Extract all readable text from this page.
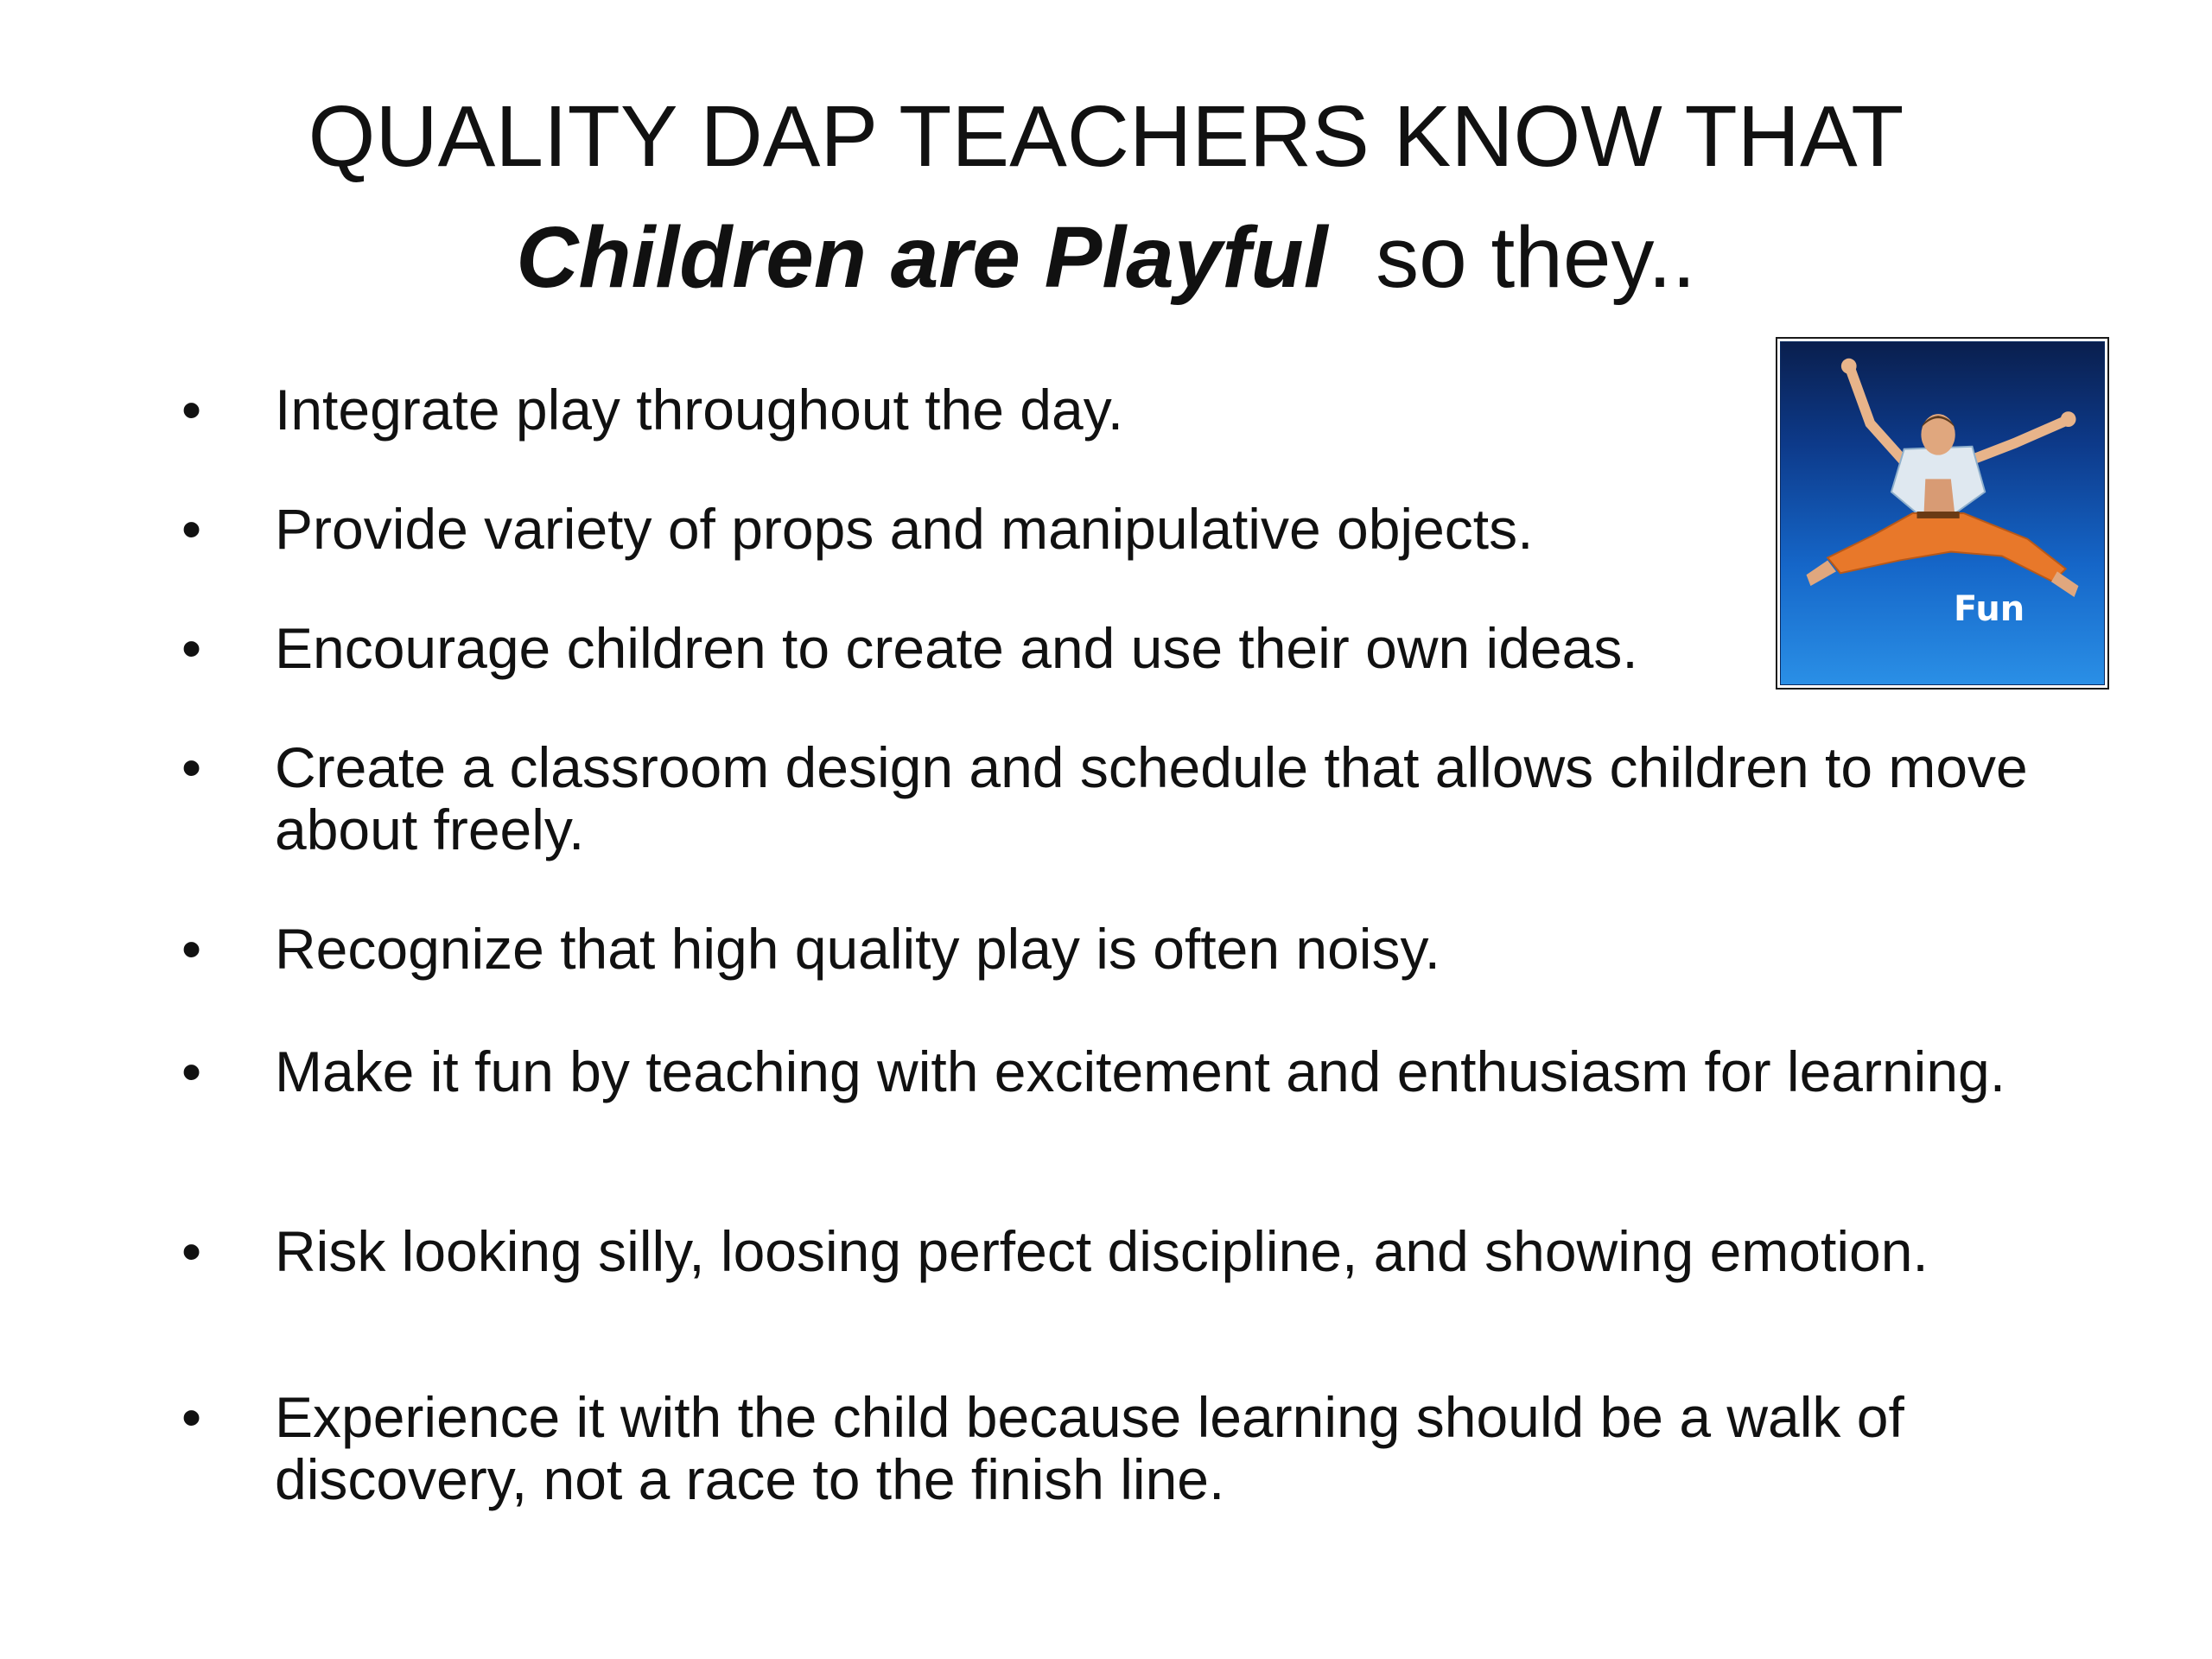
QUALITY DAP TEACHERS KNOW THAT
Children are Playful  so they..
•	Integrate play throughout the day.
•	Provide variety of props and manipulative objects.
•	Encourage children to create and use their own ideas.
•	Create a classroom design and schedule that allows children to move about freely.
•	Recognize that high quality play is often noisy.
•	Make it fun by teaching with excitement and enthusiasm for learning.
•	Risk looking silly, loosing perfect discipline, and showing emotion.
•	Experience it with the child because learning should be a walk of discovery, not a race to the finish line.
Fun
